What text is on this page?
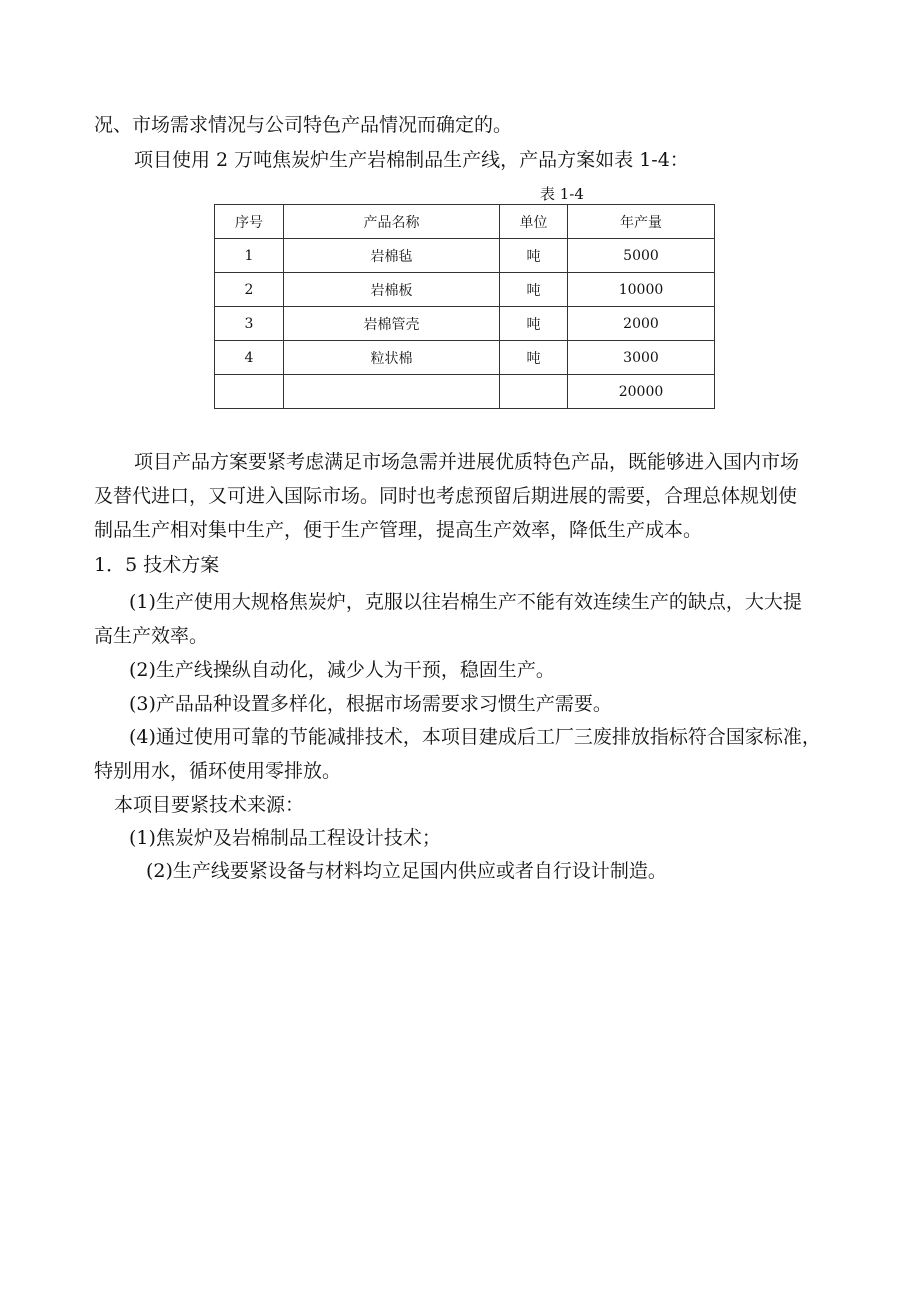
况、市场需求情况与公司特色产品情况而确定的。

项目使用 2 万吨焦炭炉生产岩棉制品生产线，产品方案如表 1-4：

表 1-4
序号	产品名称	单位	年产量
1	岩棉毡	吨	5000
2	岩棉板	吨	10000
3	岩棉管壳	吨	2000
4	粒状棉	吨	3000
			20000

项目产品方案要紧考虑满足市场急需并进展优质特色产品，既能够进入国内市场

及替代进口，又可进入国际市场。同时也考虑预留后期进展的需要，合理总体规划使

制品生产相对集中生产，便于生产管理，提高生产效率，降低生产成本。

1．5 技术方案

(1)生产使用大规格焦炭炉，克服以往岩棉生产不能有效连续生产的缺点，大大提

高生产效率。

(2)生产线操纵自动化，减少人为干预，稳固生产。

(3)产品品种设置多样化，根据市场需要求习惯生产需要。

(4)通过使用可靠的节能减排技术，本项目建成后工厂三废排放指标符合国家标准，

特别用水，循环使用零排放。

本项目要紧技术来源：

(1)焦炭炉及岩棉制品工程设计技术；

(2)生产线要紧设备与材料均立足国内供应或者自行设计制造。
